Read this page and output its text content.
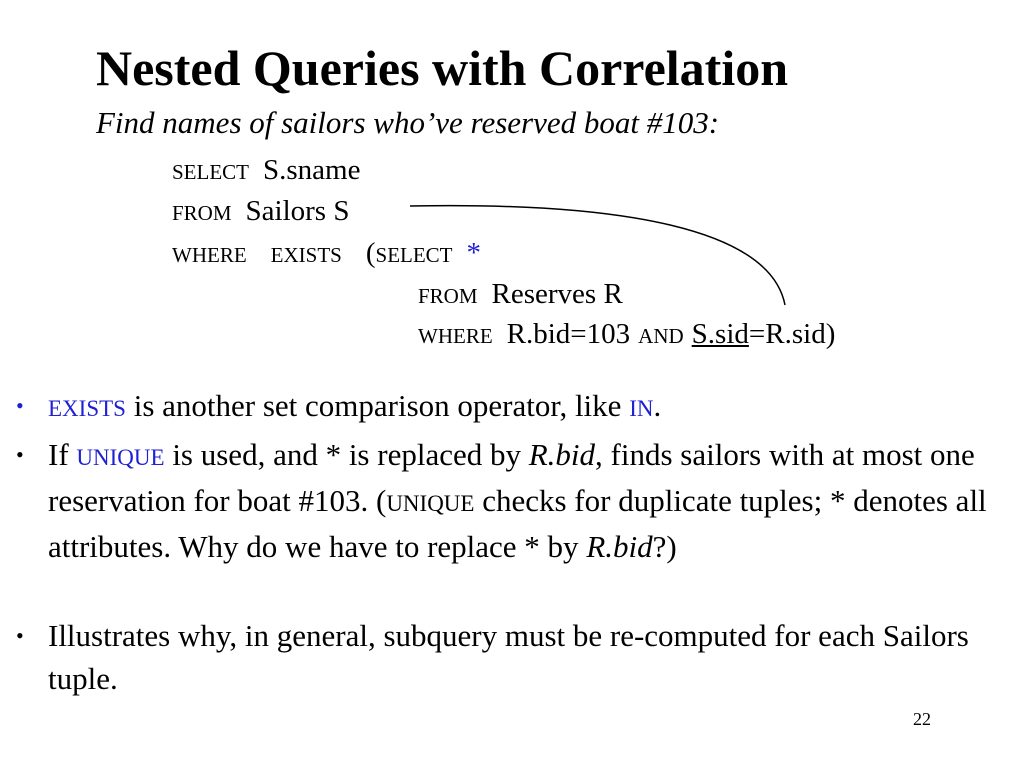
Nested Queries with Correlation
Find names of sailors who’ve reserved boat #103:
SELECT S.sname
FROM Sailors S
WHERE EXISTS (SELECT *
FROM Reserves R
WHERE R.bid=103 AND S.sid=R.sid)
• EXISTS is another set comparison operator, like IN.
• If UNIQUE is used, and * is replaced by R.bid, finds sailors with at most one reservation for boat #103. (UNIQUE checks for duplicate tuples; * denotes all attributes. Why do we have to replace * by R.bid?)
• Illustrates why, in general, subquery must be re-computed for each Sailors tuple.
22
